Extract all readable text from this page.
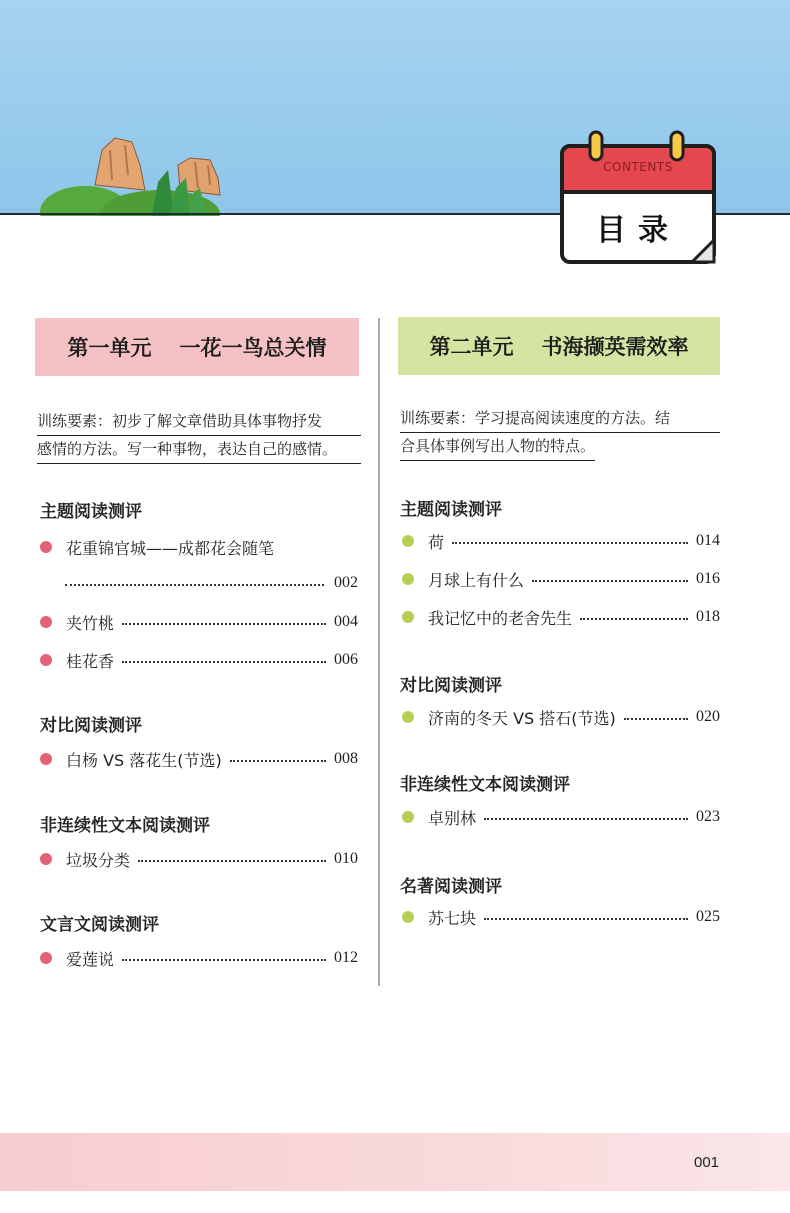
CONTENTS
目录
第一单元 一花一鸟总关情
训练要素：初步了解文章借助具体事物抒发
感情的方法。写一种事物，表达自己的感情。
主题阅读测评
花重锦官城——成都花会随笔
002
夹竹桃	004
桂花香	006
对比阅读测评
白杨 VS 落花生(节选)	008
非连续性文本阅读测评
垃圾分类	010
文言文阅读测评
爱莲说	012
第二单元 书海撷英需效率
训练要素：学习提高阅读速度的方法。结
合具体事例写出人物的特点。
主题阅读测评
荷	014
月球上有什么	016
我记忆中的老舍先生	018
对比阅读测评
济南的冬天 VS 搭石(节选)	020
非连续性文本阅读测评
卓别林	023
名著阅读测评
苏七块	025
001
